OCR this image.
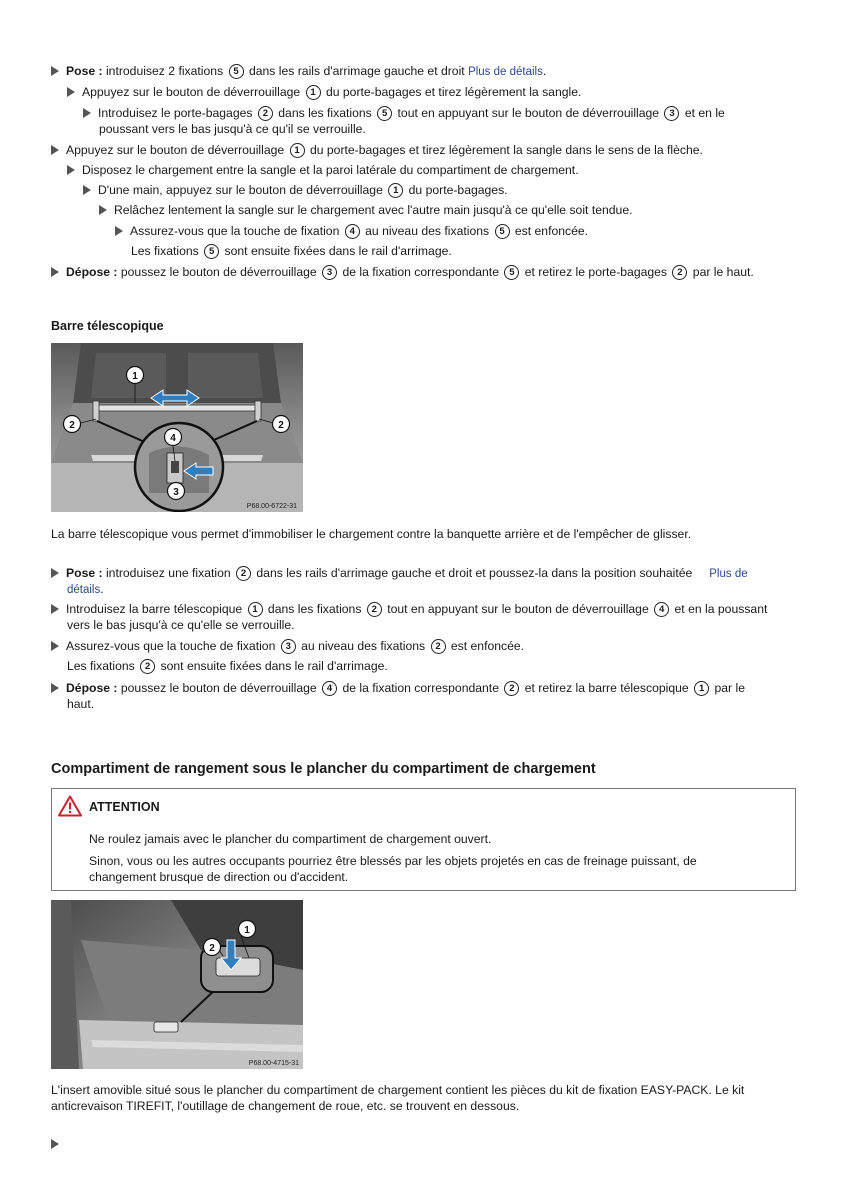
Pose : introduisez 2 fixations 5 dans les rails d'arrimage gauche et droit Plus de détails.
Appuyez sur le bouton de déverrouillage 1 du porte-bagages et tirez légèrement la sangle.
Introduisez le porte-bagages 2 dans les fixations 5 tout en appuyant sur le bouton de déverrouillage 3 et en le
poussant vers le bas jusqu'à ce qu'il se verrouille.
Appuyez sur le bouton de déverrouillage 1 du porte-bagages et tirez légèrement la sangle dans le sens de la flèche.
Disposez le chargement entre la sangle et la paroi latérale du compartiment de chargement.
D'une main, appuyez sur le bouton de déverrouillage 1 du porte-bagages.
Relâchez lentement la sangle sur le chargement avec l'autre main jusqu'à ce qu'elle soit tendue.
Assurez-vous que la touche de fixation 4 au niveau des fixations 5 est enfoncée.
Les fixations 5 sont ensuite fixées dans le rail d'arrimage.
Dépose : poussez le bouton de déverrouillage 3 de la fixation correspondante 5 et retirez le porte-bagages 2 par le haut.
Barre télescopique
1
2	2
4
3
P68.00-6722-31
La barre télescopique vous permet d'immobiliser le chargement contre la banquette arrière et de l'empêcher de glisser.
Pose : introduisez une fixation 2 dans les rails d'arrimage gauche et droit et poussez-la dans la position souhaitée     Plus de
détails.
Introduisez la barre télescopique 1 dans les fixations 2 tout en appuyant sur le bouton de déverrouillage 4 et en la poussant
vers le bas jusqu'à ce qu'elle se verrouille.
Assurez-vous que la touche de fixation 3 au niveau des fixations 2 est enfoncée.
Les fixations 2 sont ensuite fixées dans le rail d'arrimage.
Dépose : poussez le bouton de déverrouillage 4 de la fixation correspondante 2 et retirez la barre télescopique 1 par le
haut.
Compartiment de rangement sous le plancher du compartiment de chargement
ATTENTION
Ne roulez jamais avec le plancher du compartiment de chargement ouvert.
Sinon, vous ou les autres occupants pourriez être blessés par les objets projetés en cas de freinage puissant, de
changement brusque de direction ou d'accident.
1
2
P68.00-4715-31
L'insert amovible situé sous le plancher du compartiment de chargement contient les pièces du kit de fixation EASY-PACK. Le kit
anticrevaison TIREFIT, l'outillage de changement de roue, etc. se trouvent en dessous.
